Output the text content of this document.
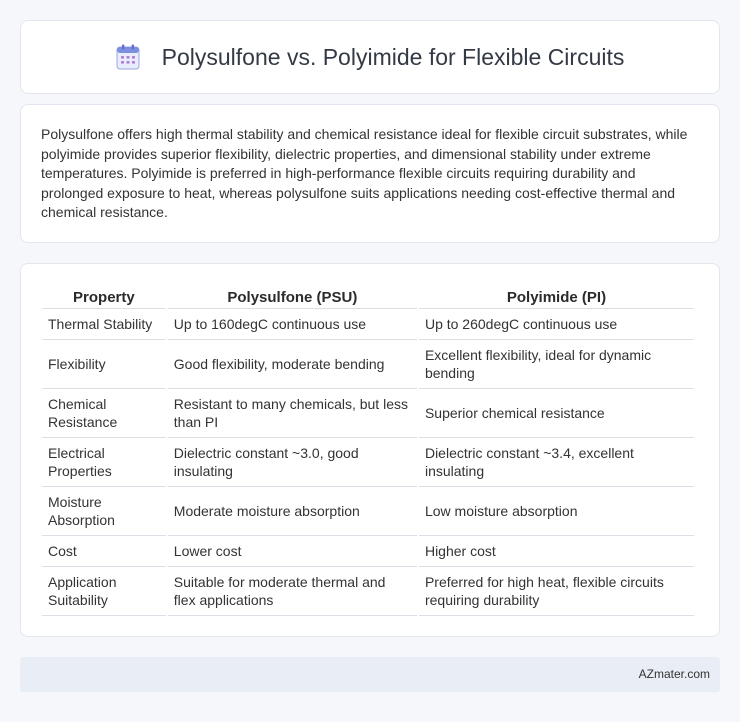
Polysulfone vs. Polyimide for Flexible Circuits

Polysulfone offers high thermal stability and chemical resistance ideal for flexible circuit substrates, while polyimide provides superior flexibility, dielectric properties, and dimensional stability under extreme temperatures. Polyimide is preferred in high-performance flexible circuits requiring durability and prolonged exposure to heat, whereas polysulfone suits applications needing cost-effective thermal and chemical resistance.

Property	Polysulfone (PSU)	Polyimide (PI)
Thermal Stability	Up to 160degC continuous use	Up to 260degC continuous use
Flexibility	Good flexibility, moderate bending	Excellent flexibility, ideal for dynamic bending
Chemical Resistance	Resistant to many chemicals, but less than PI	Superior chemical resistance
Electrical Properties	Dielectric constant ~3.0, good insulating	Dielectric constant ~3.4, excellent insulating
Moisture Absorption	Moderate moisture absorption	Low moisture absorption
Cost	Lower cost	Higher cost
Application Suitability	Suitable for moderate thermal and flex applications	Preferred for high heat, flexible circuits requiring durability
AZmater.com
